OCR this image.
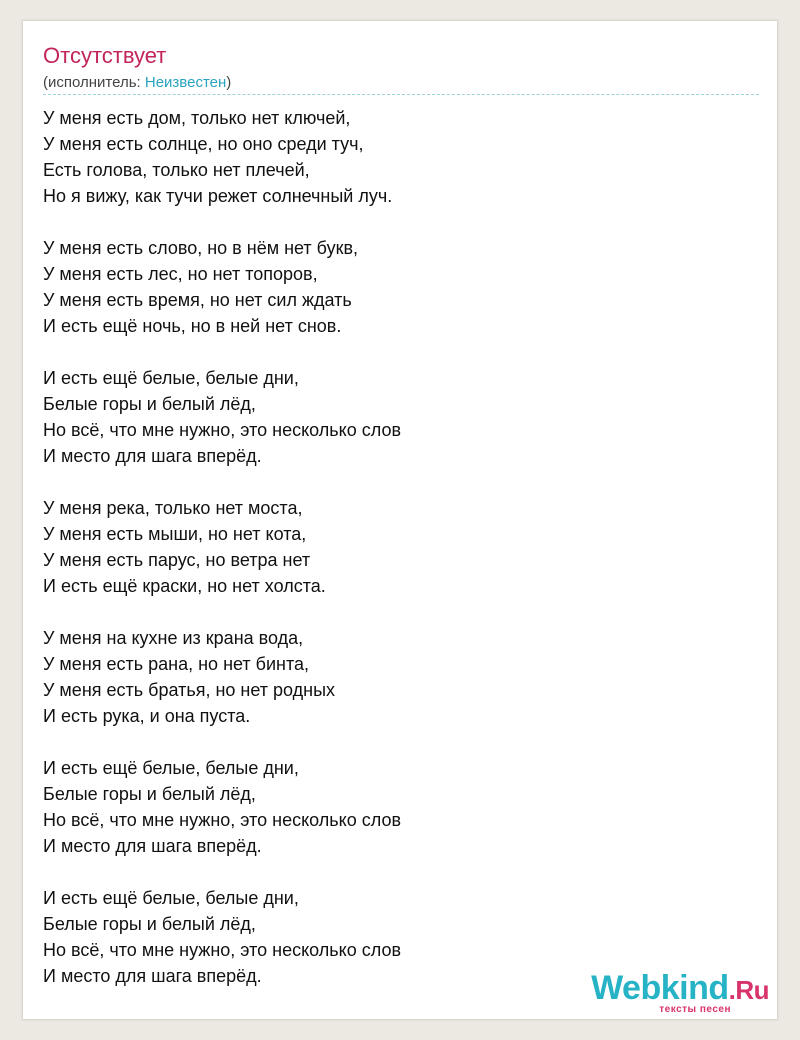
Отсутствует
(исполнитель: Неизвестен)
У меня есть дом, только нет ключей,
У меня есть солнце, но оно среди туч,
Есть голова, только нет плечей,
Но я вижу, как тучи режет солнечный луч.
У меня есть слово, но в нём нет букв,
У меня есть лес, но нет топоров,
У меня есть время, но нет сил ждать
И есть ещё ночь, но в ней нет снов.
И есть ещё белые, белые дни,
Белые горы и белый лёд,
Но всё, что мне нужно, это несколько слов
И место для шага вперёд.
У меня река, только нет моста,
У меня есть мыши, но нет кота,
У меня есть парус, но ветра нет
И есть ещё краски, но нет холста.
У меня на кухне из крана вода,
У меня есть рана, но нет бинта,
У меня есть братья, но нет родных
И есть рука, и она пуста.
И есть ещё белые, белые дни,
Белые горы и белый лёд,
Но всё, что мне нужно, это несколько слов
И место для шага вперёд.
И есть ещё белые, белые дни,
Белые горы и белый лёд,
Но всё, что мне нужно, это несколько слов
И место для шага вперёд.	Webkind.Ru
тексты песен
